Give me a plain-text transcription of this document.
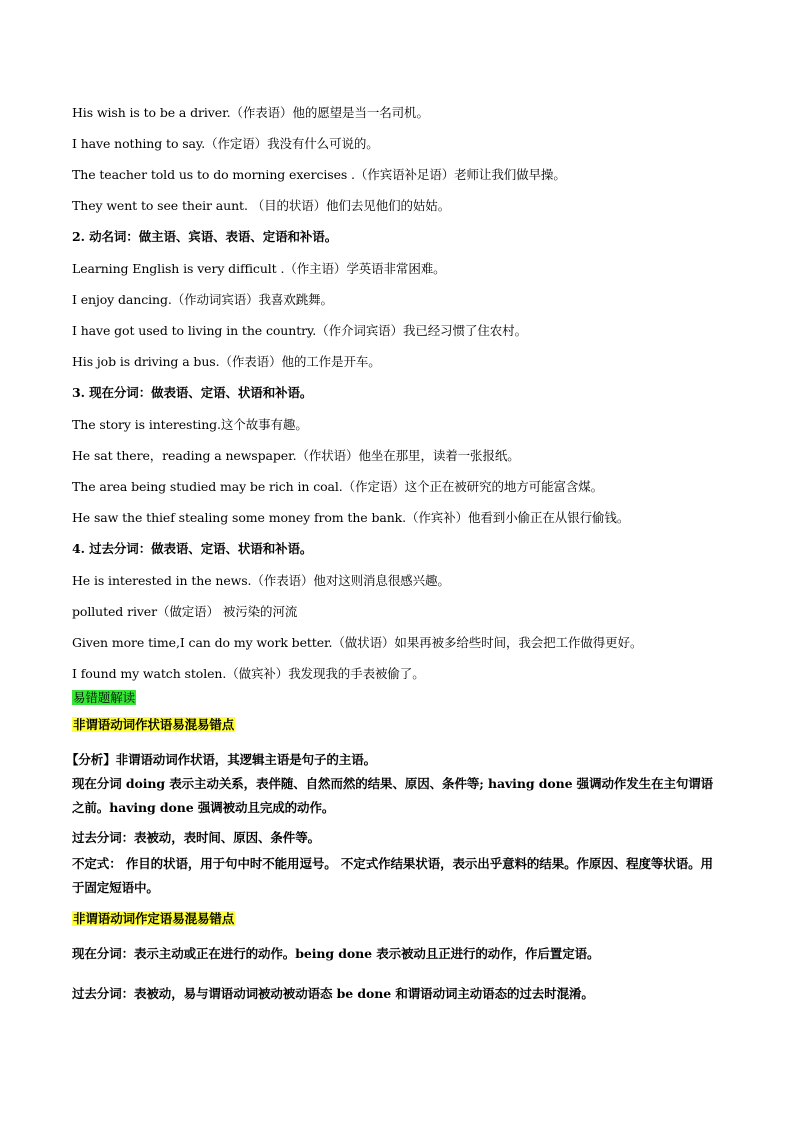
His wish is to be a driver.（作表语）他的愿望是当一名司机。
I have nothing to say.（作定语）我没有什么可说的。
The teacher told us to do morning exercises .（作宾语补足语）老师让我们做早操。
They went to see their aunt. （目的状语）他们去见他们的姑姑。
2. 动名词：做主语、宾语、表语、定语和补语。
Learning English is very difficult .（作主语）学英语非常困难。
I enjoy dancing.（作动词宾语）我喜欢跳舞。
I have got used to living in the country.（作介词宾语）我已经习惯了住农村。
His job is driving a bus.（作表语）他的工作是开车。
3. 现在分词：做表语、定语、状语和补语。
The story is interesting.这个故事有趣。
He sat there，reading a newspaper.（作状语）他坐在那里，读着一张报纸。
The area being studied may be rich in coal.（作定语）这个正在被研究的地方可能富含煤。
He saw the thief stealing some money from the bank.（作宾补）他看到小偷正在从银行偷钱。
4. 过去分词：做表语、定语、状语和补语。
He is interested in the news.（作表语）他对这则消息很感兴趣。
polluted river（做定语） 被污染的河流
Given more time,I can do my work better.（做状语）如果再被多给些时间，我会把工作做得更好。
I found my watch stolen.（做宾补）我发现我的手表被偷了。
易错题解读
非谓语动词作状语易混易错点
【分析】非谓语动词作状语，其逻辑主语是句子的主语。
现在分词 doing 表示主动关系，表伴随、自然而然的结果、原因、条件等; having done 强调动作发生在主句谓语之前。having done 强调被动且完成的动作。
过去分词：表被动，表时间、原因、条件等。
不定式： 作目的状语，用于句中时不能用逗号。 不定式作结果状语，表示出乎意料的结果。作原因、程度等状语。用于固定短语中。
非谓语动词作定语易混易错点
现在分词：表示主动或正在进行的动作。being done 表示被动且正进行的动作，作后置定语。
过去分词：表被动，易与谓语动词被动被动语态 be done 和谓语动词主动语态的过去时混淆。
